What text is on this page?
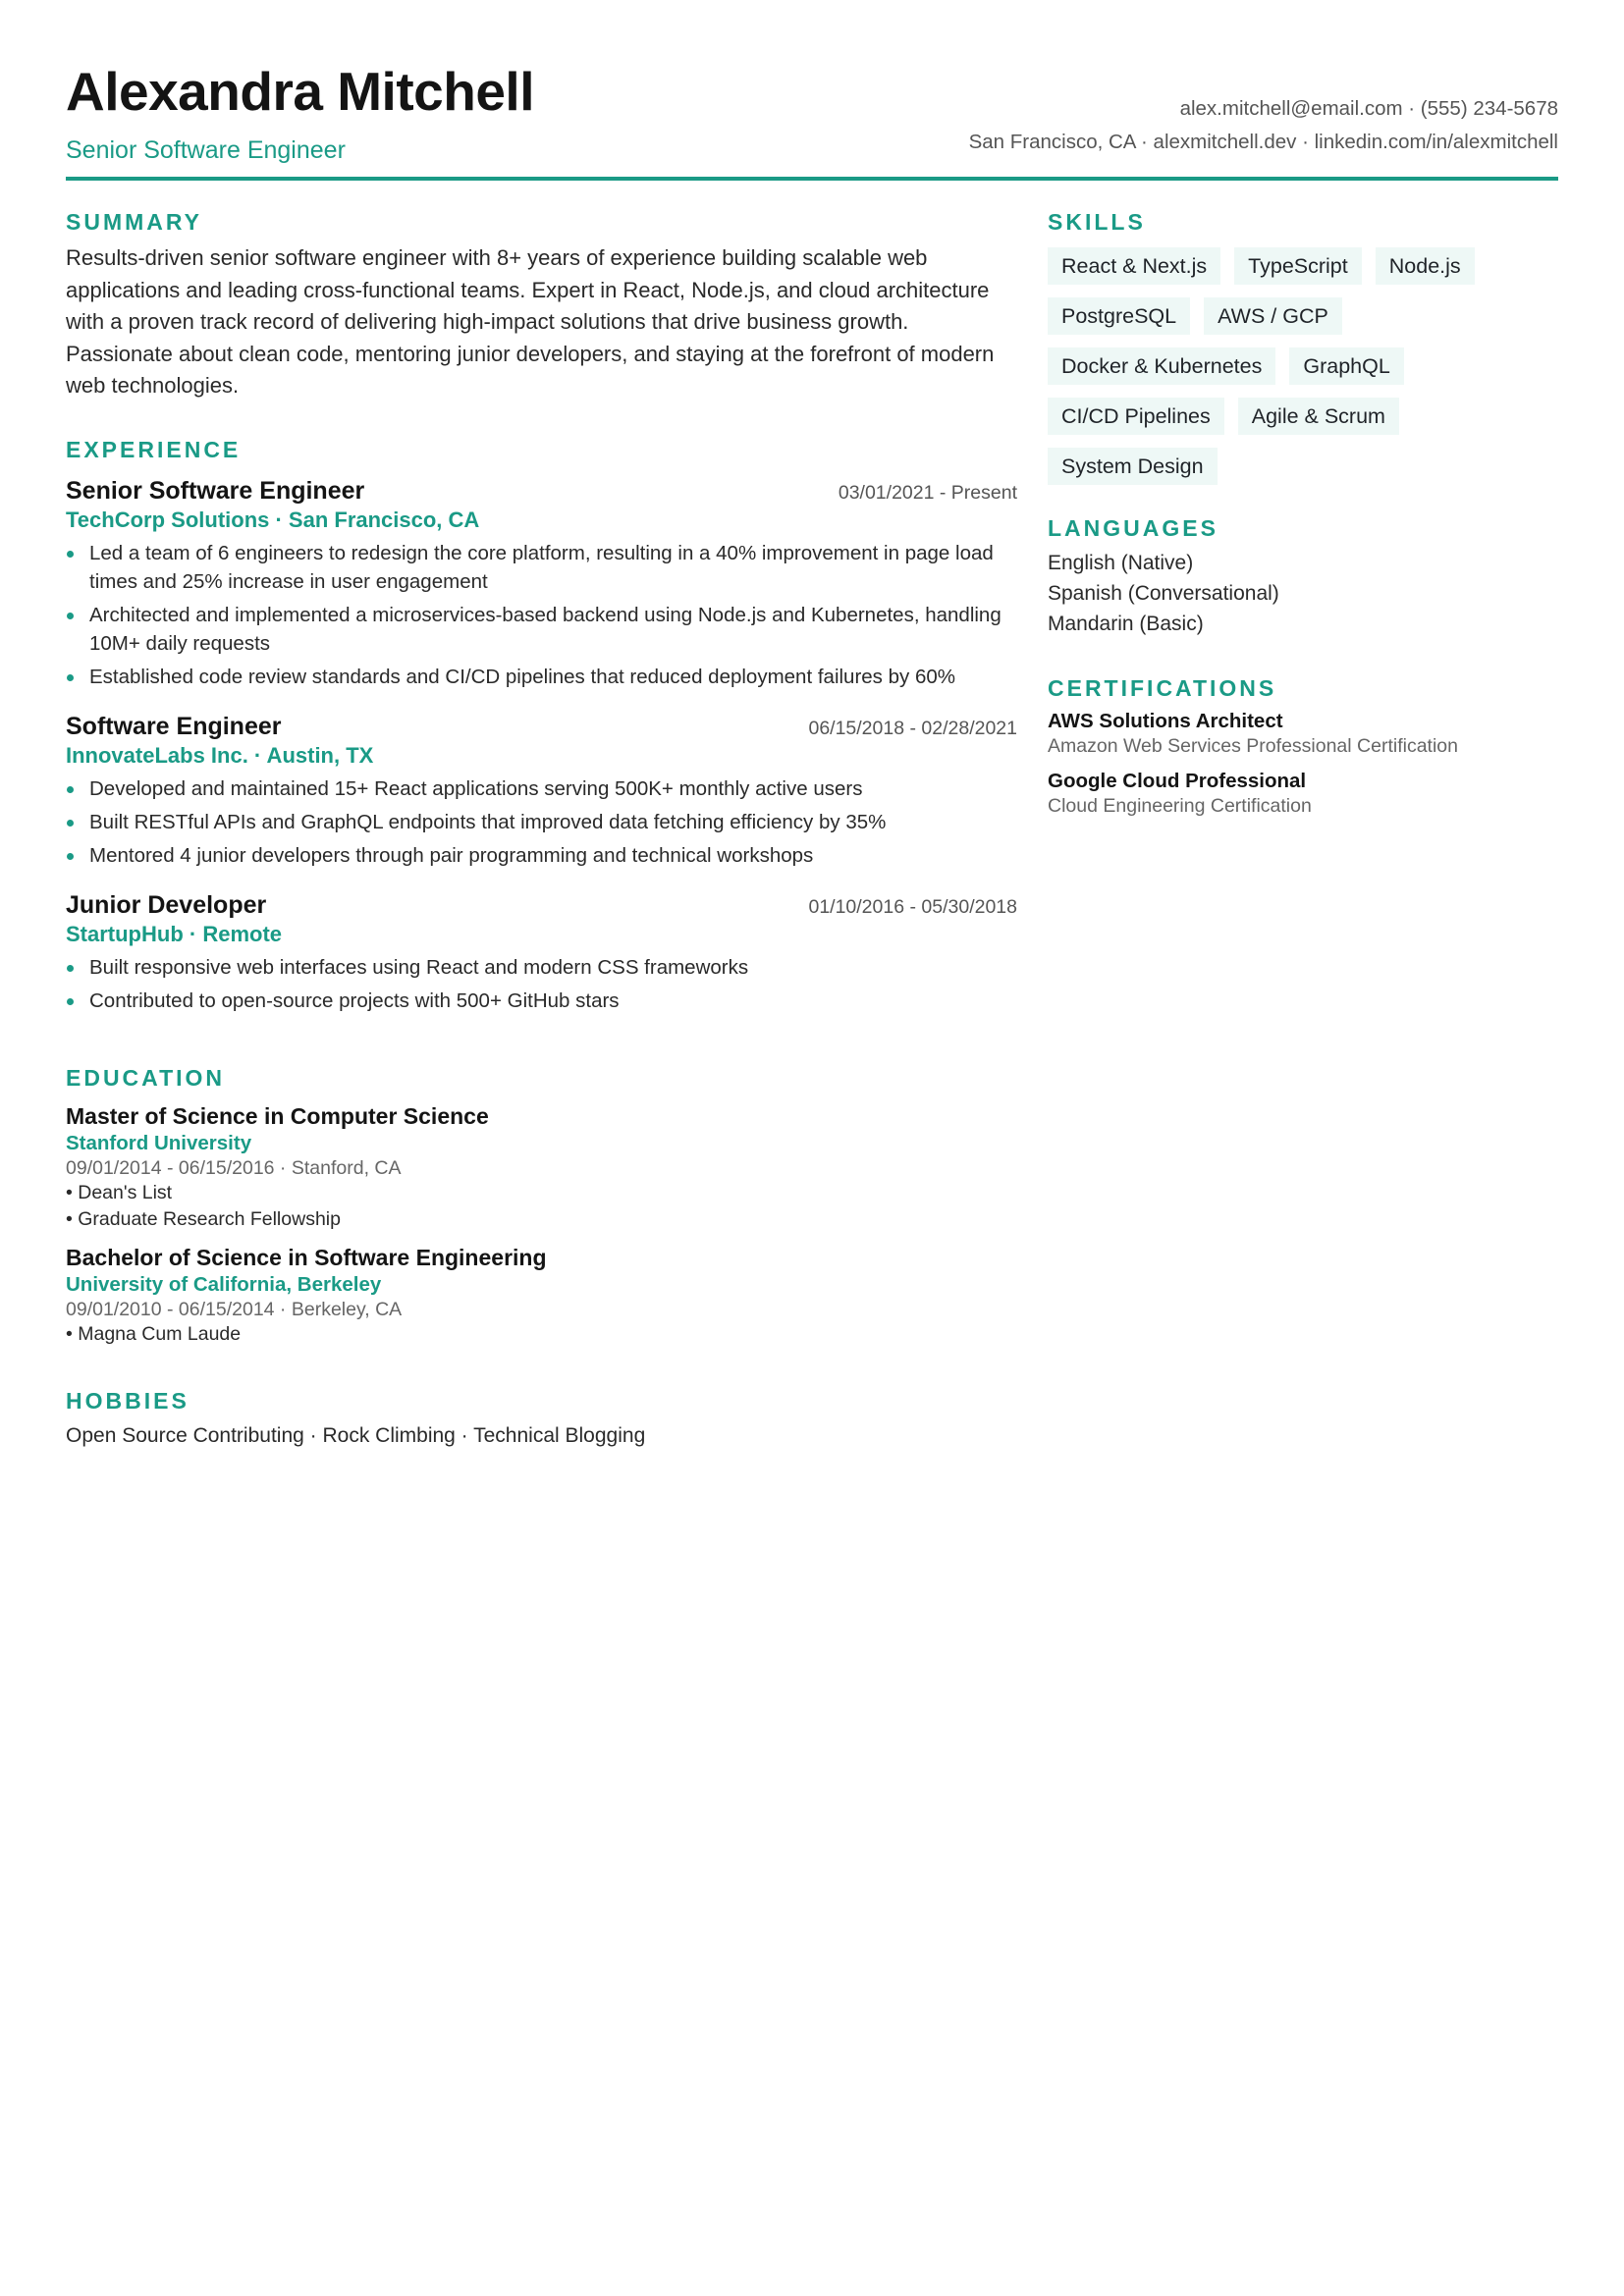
Alexandra Mitchell
Senior Software Engineer
alex.mitchell@email.com · (555) 234-5678
San Francisco, CA · alexmitchell.dev · linkedin.com/in/alexmitchell
SUMMARY
Results-driven senior software engineer with 8+ years of experience building scalable web applications and leading cross-functional teams. Expert in React, Node.js, and cloud architecture with a proven track record of delivering high-impact solutions that drive business growth. Passionate about clean code, mentoring junior developers, and staying at the forefront of modern web technologies.
EXPERIENCE
Senior Software Engineer	03/01/2021 - Present
TechCorp Solutions · San Francisco, CA
Led a team of 6 engineers to redesign the core platform, resulting in a 40% improvement in page load times and 25% increase in user engagement
Architected and implemented a microservices-based backend using Node.js and Kubernetes, handling 10M+ daily requests
Established code review standards and CI/CD pipelines that reduced deployment failures by 60%
Software Engineer	06/15/2018 - 02/28/2021
InnovateLabs Inc. · Austin, TX
Developed and maintained 15+ React applications serving 500K+ monthly active users
Built RESTful APIs and GraphQL endpoints that improved data fetching efficiency by 35%
Mentored 4 junior developers through pair programming and technical workshops
Junior Developer	01/10/2016 - 05/30/2018
StartupHub · Remote
Built responsive web interfaces using React and modern CSS frameworks
Contributed to open-source projects with 500+ GitHub stars
EDUCATION
Master of Science in Computer Science
Stanford University
09/01/2014 - 06/15/2016 · Stanford, CA
• Dean's List
• Graduate Research Fellowship
Bachelor of Science in Software Engineering
University of California, Berkeley
09/01/2010 - 06/15/2014 · Berkeley, CA
• Magna Cum Laude
HOBBIES
Open Source Contributing · Rock Climbing · Technical Blogging
SKILLS
React & Next.js	TypeScript	Node.js
PostgreSQL	AWS / GCP
Docker & Kubernetes	GraphQL
CI/CD Pipelines	Agile & Scrum
System Design
LANGUAGES
English (Native)
Spanish (Conversational)
Mandarin (Basic)
CERTIFICATIONS
AWS Solutions Architect
Amazon Web Services Professional Certification
Google Cloud Professional
Cloud Engineering Certification
